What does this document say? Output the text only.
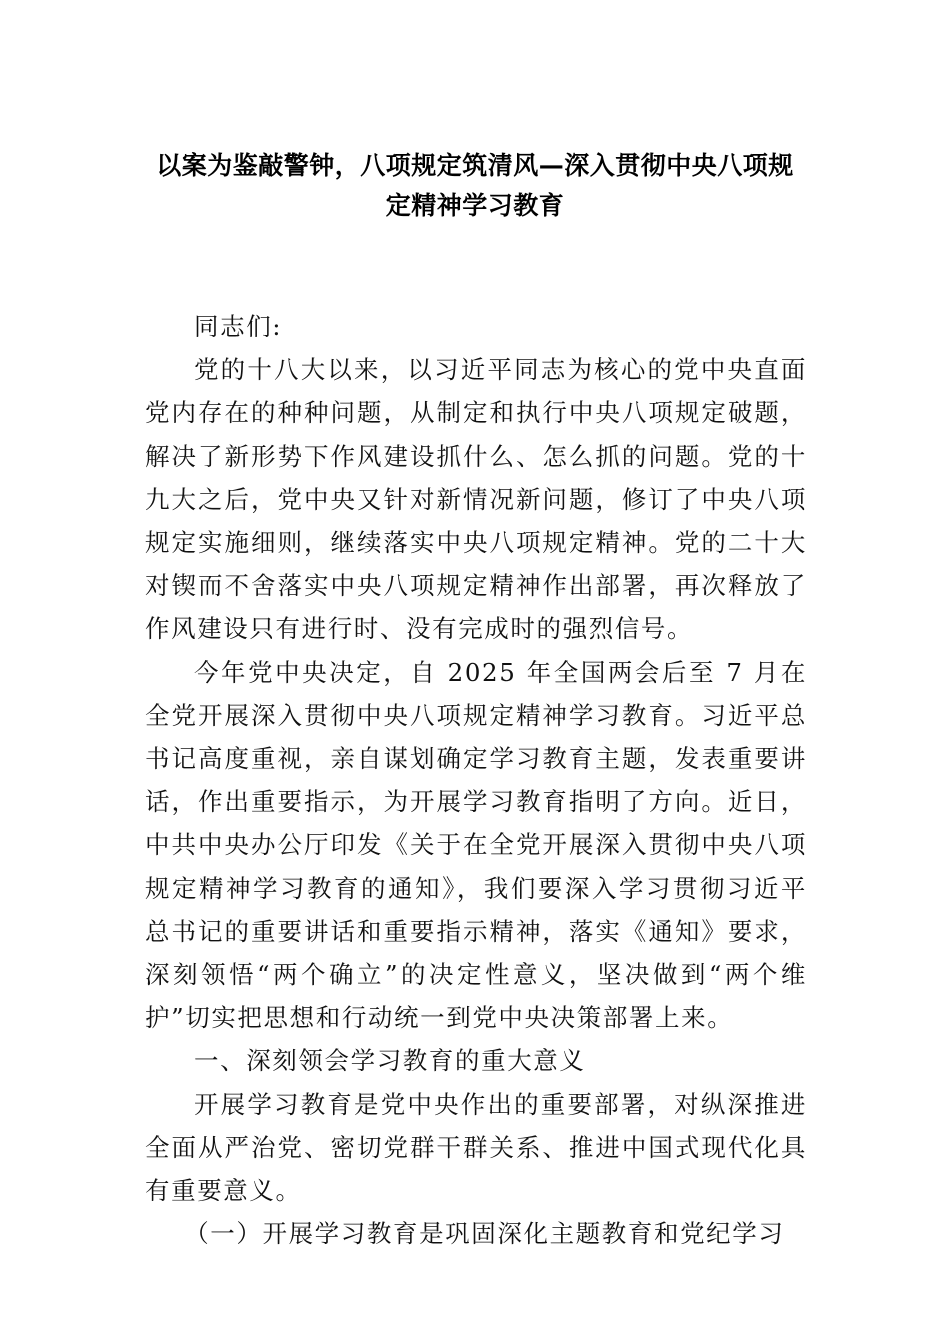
以案为鉴敲警钟，八项规定筑清风—深入贯彻中央八项规
定精神学习教育

同志们:

党的十八大以来，以习近平同志为核心的党中央直面党内存在的种种问题，从制定和执行中央八项规定破题，解决了新形势下作风建设抓什么、怎么抓的问题。党的十九大之后，党中央又针对新情况新问题，修订了中央八项规定实施细则，继续落实中央八项规定精神。党的二十大对锲而不舍落实中央八项规定精神作出部署，再次释放了作风建设只有进行时、没有完成时的强烈信号。

今年党中央决定，自 2025 年全国两会后至 7 月在全党开展深入贯彻中央八项规定精神学习教育。习近平总书记高度重视，亲自谋划确定学习教育主题，发表重要讲话，作出重要指示，为开展学习教育指明了方向。近日，中共中央办公厅印发《关于在全党开展深入贯彻中央八项规定精神学习教育的通知》，我们要深入学习贯彻习近平总书记的重要讲话和重要指示精神，落实《通知》要求，深刻领悟“两个确立”的决定性意义，坚决做到“两个维护”切实把思想和行动统一到党中央决策部署上来。

一、深刻领会学习教育的重大意义

开展学习教育是党中央作出的重要部署，对纵深推进全面从严治党、密切党群干群关系、推进中国式现代化具有重要意义。

（一）开展学习教育是巩固深化主题教育和党纪学习
